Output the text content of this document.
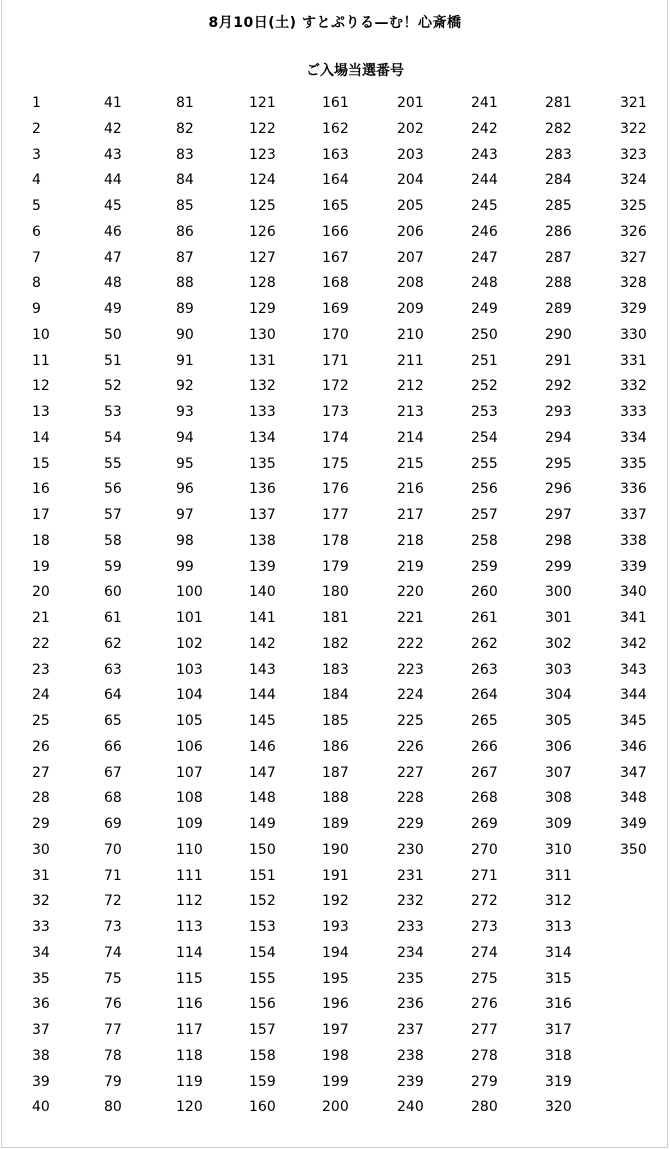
8月10日(土) すとぷりる—む！心斎橋
ご入場当選番号
1
2
3
4
5
6
7
8
9
10
11
12
13
14
15
16
17
18
19
20
21
22
23
24
25
26
27
28
29
30
31
32
33
34
35
36
37
38
39
40
41
42
43
44
45
46
47
48
49
50
51
52
53
54
55
56
57
58
59
60
61
62
63
64
65
66
67
68
69
70
71
72
73
74
75
76
77
78
79
80
81
82
83
84
85
86
87
88
89
90
91
92
93
94
95
96
97
98
99
100
101
102
103
104
105
106
107
108
109
110
111
112
113
114
115
116
117
118
119
120
121
122
123
124
125
126
127
128
129
130
131
132
133
134
135
136
137
138
139
140
141
142
143
144
145
146
147
148
149
150
151
152
153
154
155
156
157
158
159
160
161
162
163
164
165
166
167
168
169
170
171
172
173
174
175
176
177
178
179
180
181
182
183
184
185
186
187
188
189
190
191
192
193
194
195
196
197
198
199
200
201
202
203
204
205
206
207
208
209
210
211
212
213
214
215
216
217
218
219
220
221
222
223
224
225
226
227
228
229
230
231
232
233
234
235
236
237
238
239
240
241
242
243
244
245
246
247
248
249
250
251
252
253
254
255
256
257
258
259
260
261
262
263
264
265
266
267
268
269
270
271
272
273
274
275
276
277
278
279
280
281
282
283
284
285
286
287
288
289
290
291
292
293
294
295
296
297
298
299
300
301
302
303
304
305
306
307
308
309
310
311
312
313
314
315
316
317
318
319
320
321
322
323
324
325
326
327
328
329
330
331
332
333
334
335
336
337
338
339
340
341
342
343
344
345
346
347
348
349
350
